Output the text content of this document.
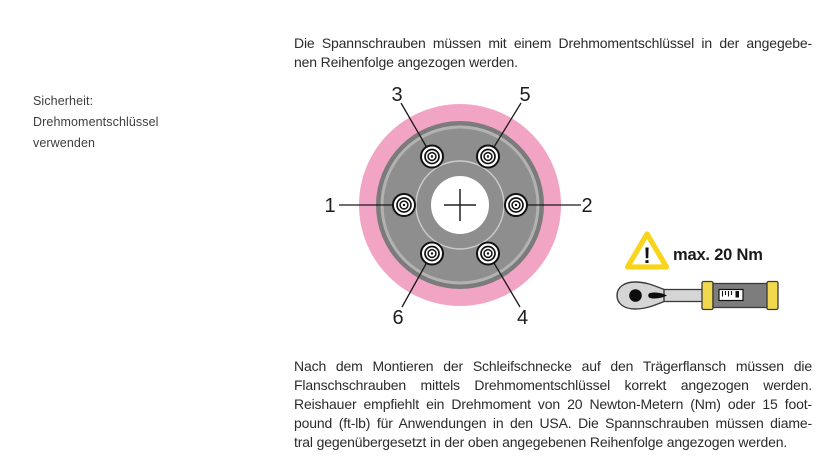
Sicherheit:
Drehmomentschlüssel
verwenden
Die Spannschrauben müssen mit einem Drehmomentschlüssel in der angegebe-
nen Reihenfolge angezogen werden.
1	2
3	5
6	4
! max. 20 Nm
Nach dem Montieren der Schleifschnecke auf den Trägerflansch müssen die
Flanschschrauben mittels Drehmomentschlüssel korrekt angezogen werden.
Reishauer empfiehlt ein Drehmoment von 20 Newton-Metern (Nm) oder 15 foot-
pound (ft-lb) für Anwendungen in den USA. Die Spannschrauben müssen diame-
tral gegenübergesetzt in der oben angegebenen Reihenfolge angezogen werden.
